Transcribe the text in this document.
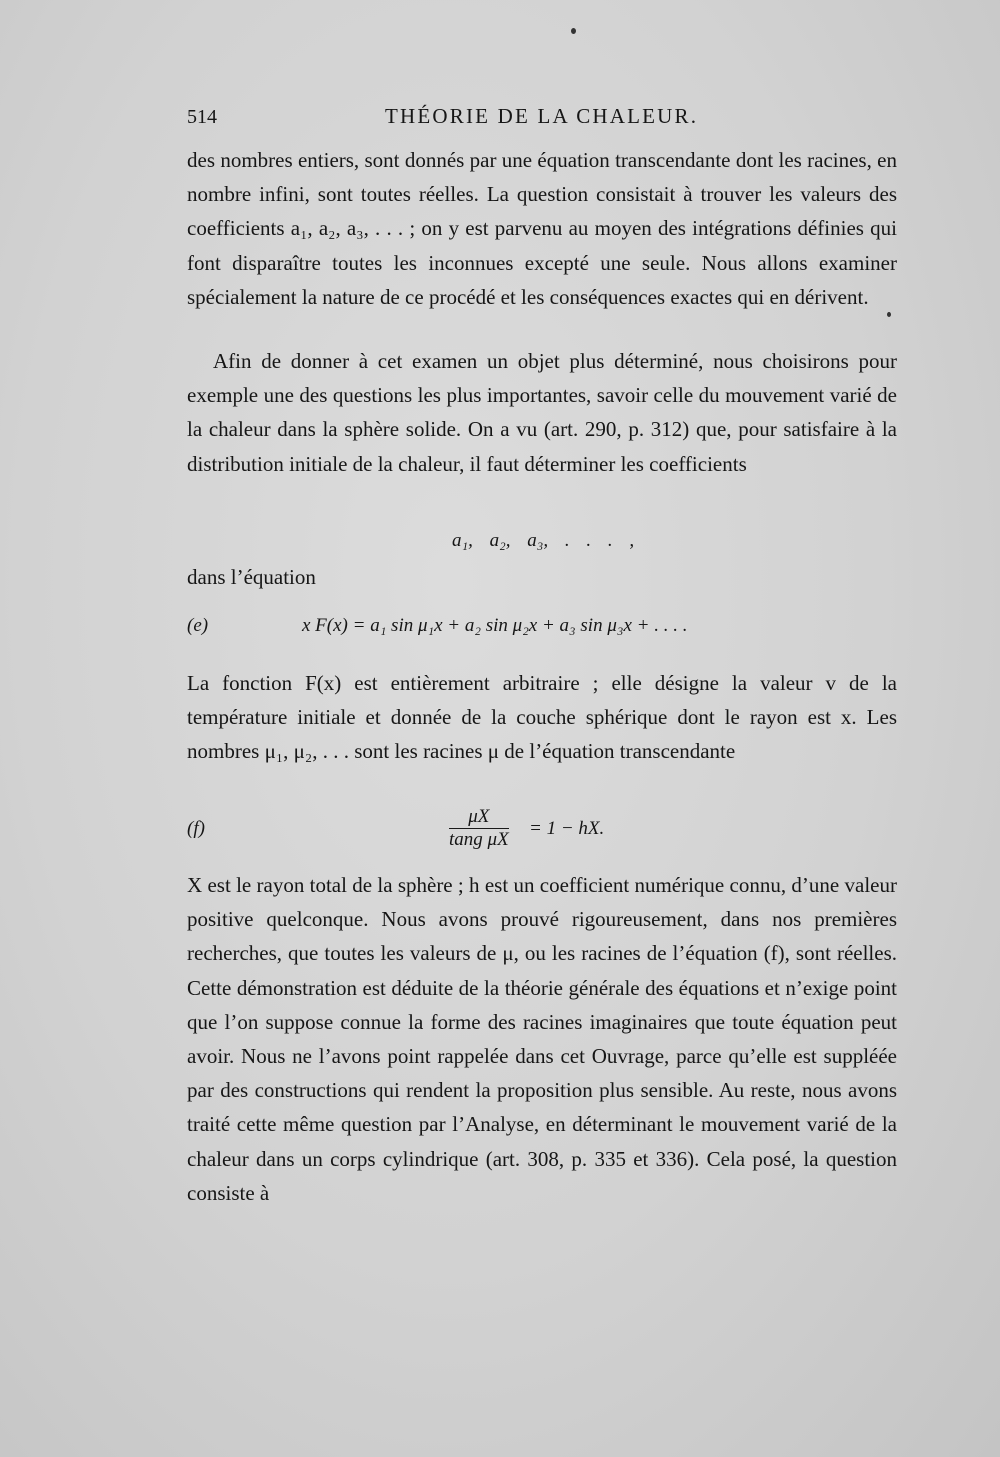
514	THÉORIE DE LA CHALEUR.

des nombres entiers, sont donnés par une équation transcendante dont les racines, en nombre infini, sont toutes réelles. La question consistait à trouver les valeurs des coefficients a₁, a₂, a₃, . . . ; on y est parvenu au moyen des intégrations définies qui font disparaître toutes les inconnues excepté une seule. Nous allons examiner spécialement la nature de ce procédé et les conséquences exactes qui en dérivent.

Afin de donner à cet examen un objet plus déterminé, nous choisirons pour exemple une des questions les plus importantes, savoir celle du mouvement varié de la chaleur dans la sphère solide. On a vu (art. 290, p. 312) que, pour satisfaire à la distribution initiale de la chaleur, il faut déterminer les coefficients

a₁, a₂, a₃, . . . ,

dans l’équation

(e)	x F(x) = a₁ sin μ₁x + a₂ sin μ₂x + a₃ sin μ₃x + . . . .

La fonction F(x) est entièrement arbitraire ; elle désigne la valeur v de la température initiale et donnée de la couche sphérique dont le rayon est x. Les nombres μ₁, μ₂, . . . sont les racines μ de l’équation transcendante

(f)	$\frac{\mu X}{\text{tang μX}} = 1$ − hX.

X est le rayon total de la sphère ; h est un coefficient numérique connu, d’une valeur positive quelconque. Nous avons prouvé rigoureusement, dans nos premières recherches, que toutes les valeurs de μ, ou les racines de l’équation (f), sont réelles. Cette démonstration est déduite de la théorie générale des équations et n’exige point que l’on suppose connue la forme des racines imaginaires que toute équation peut avoir. Nous ne l’avons point rappelée dans cet Ouvrage, parce qu’elle est suppléée par des constructions qui rendent la proposition plus sensible. Au reste, nous avons traité cette même question par l’Analyse, en déterminant le mouvement varié de la chaleur dans un corps cylindrique (art. 308, p. 335 et 336). Cela posé, la question consiste à
